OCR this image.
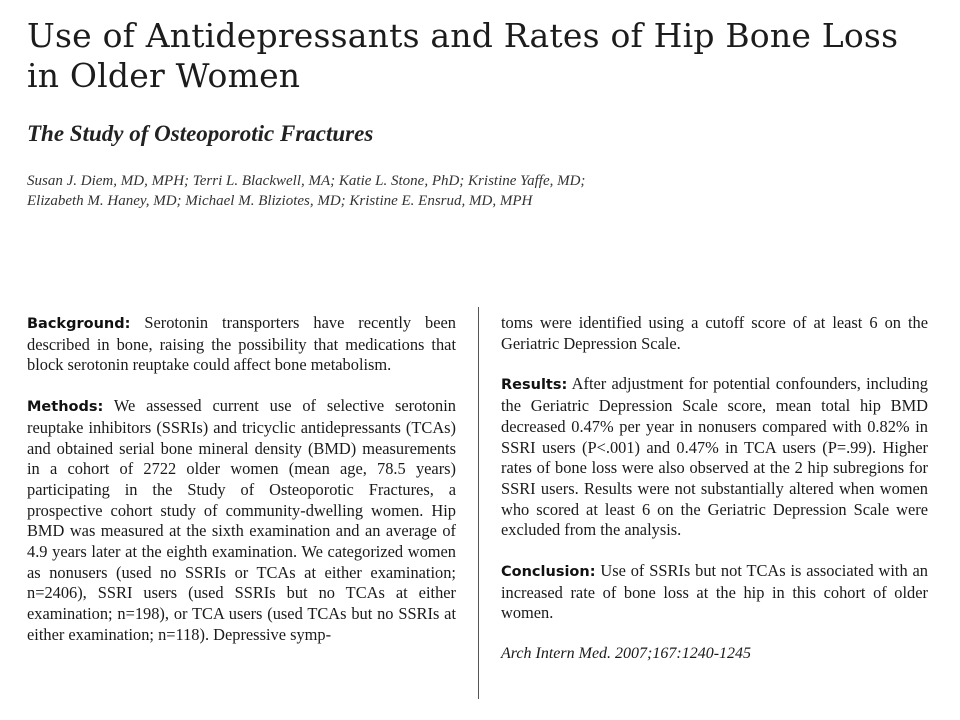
Use of Antidepressants and Rates of Hip Bone Loss in Older Women
The Study of Osteoporotic Fractures
Susan J. Diem, MD, MPH; Terri L. Blackwell, MA; Katie L. Stone, PhD; Kristine Yaffe, MD;
Elizabeth M. Haney, MD; Michael M. Bliziotes, MD; Kristine E. Ensrud, MD, MPH

Background: Serotonin transporters have recently been described in bone, raising the possibility that medications that block serotonin reuptake could affect bone metabolism.

Methods: We assessed current use of selective serotonin reuptake inhibitors (SSRIs) and tricyclic antidepressants (TCAs) and obtained serial bone mineral density (BMD) measurements in a cohort of 2722 older women (mean age, 78.5 years) participating in the Study of Osteoporotic Fractures, a prospective cohort study of community-dwelling women. Hip BMD was measured at the sixth examination and an average of 4.9 years later at the eighth examination. We categorized women as nonusers (used no SSRIs or TCAs at either examination; n=2406), SSRI users (used SSRIs but no TCAs at either examination; n=198), or TCA users (used TCAs but no SSRIs at either examination; n=118). Depressive symp-

toms were identified using a cutoff score of at least 6 on the Geriatric Depression Scale.

Results: After adjustment for potential confounders, including the Geriatric Depression Scale score, mean total hip BMD decreased 0.47% per year in nonusers compared with 0.82% in SSRI users (P<.001) and 0.47% in TCA users (P=.99). Higher rates of bone loss were also observed at the 2 hip subregions for SSRI users. Results were not substantially altered when women who scored at least 6 on the Geriatric Depression Scale were excluded from the analysis.

Conclusion: Use of SSRIs but not TCAs is associated with an increased rate of bone loss at the hip in this cohort of older women.

Arch Intern Med. 2007;167:1240-1245
